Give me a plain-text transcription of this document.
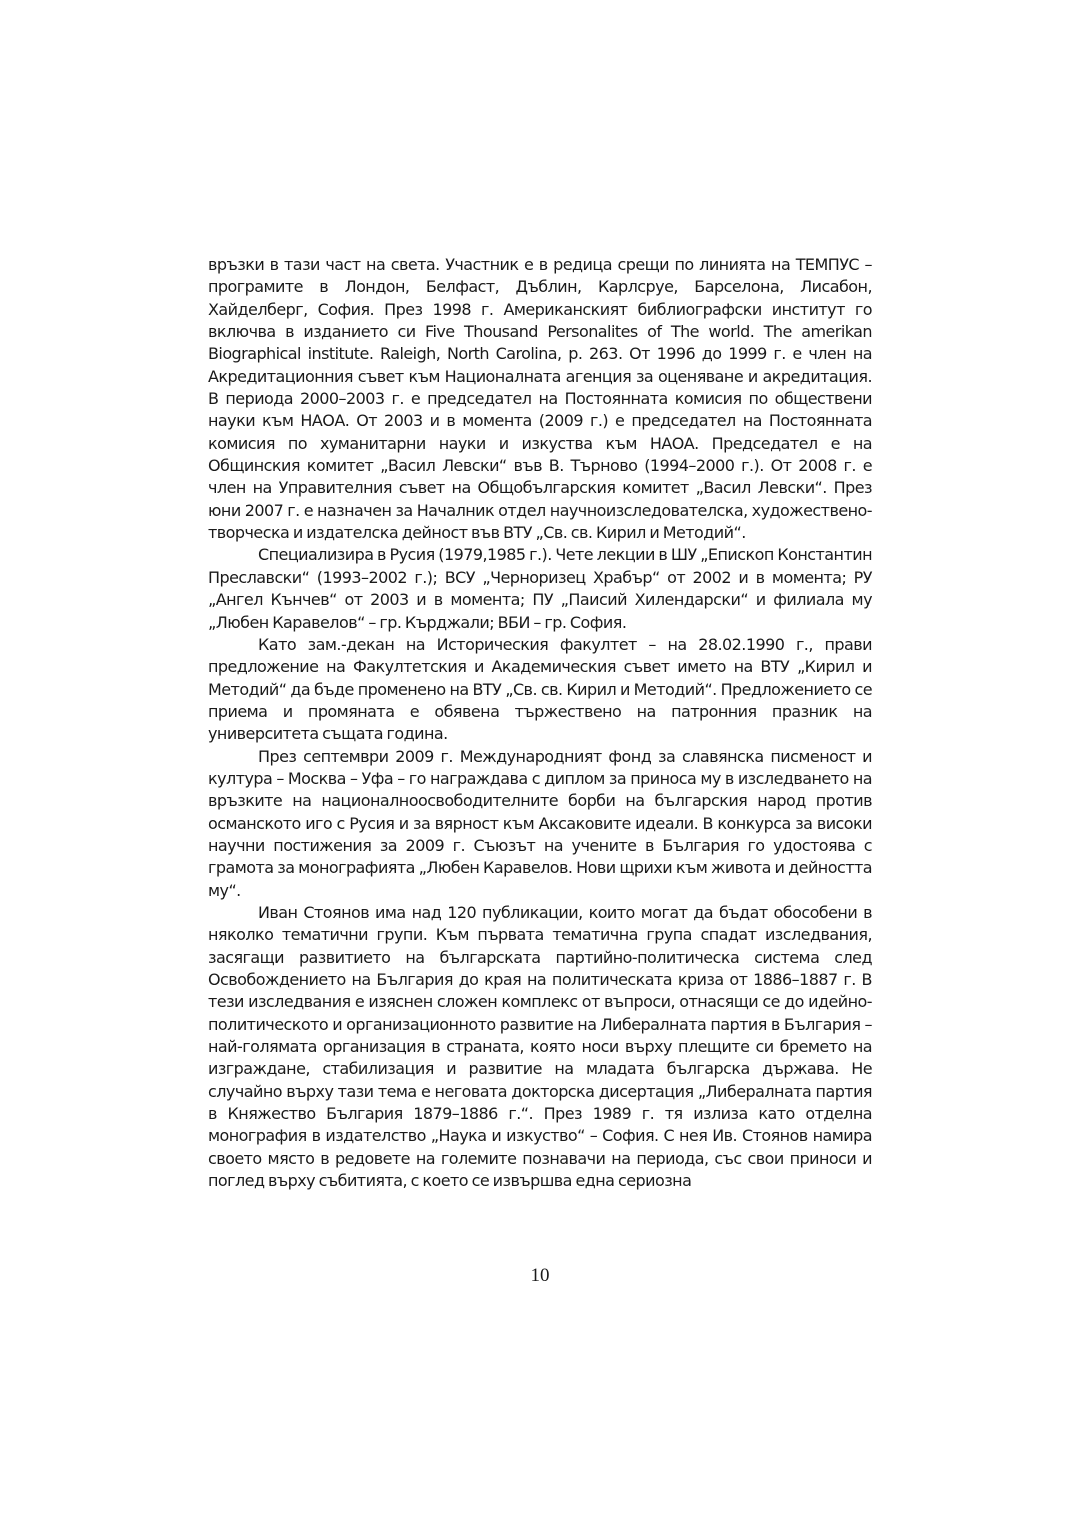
връзки в тази част на света. Участник е в редица срещи по линията на ТЕМПУС – програмите в Лондон, Белфаст, Дъблин, Карлсруе, Барселона, Лисабон, Хайделберг, София. През 1998 г. Американският библиографски институт го включва в изданието си Five Thousand Personalites of The world. The amerikan Biographical institute. Raleigh, North Carolina, p. 263. От 1996 до 1999 г. е член на Акредитационния съвет към Националната агенция за оценяване и акредитация. В периода 2000–2003 г. е председател на Постоянната комисия по обществени науки към НАОА. От 2003 и в момента (2009 г.) е председател на Постоянната комисия по хуманитарни науки и изкуства към НАОА. Председател е на Общинския комитет „Васил Левски“ във В. Търново (1994–2000 г.). От 2008 г. е член на Управителния съвет на Общобългарския комитет „Васил Левски“. През юни 2007 г. е назначен за Началник отдел научноизследователска, художествено-творческа и издателска дейност във ВТУ „Св. св. Кирил и Методий“.

Специализира в Русия (1979,1985 г.). Чете лекции в ШУ „Епископ Константин Преславски“ (1993–2002 г.); ВСУ „Черноризец Храбър“ от 2002 и в момента; РУ „Ангел Кънчев“ от 2003 и в момента; ПУ „Паисий Хилендарски“ и филиала му „Любен Каравелов“ – гр. Кърджали; ВБИ – гр. София.

Като зам.-декан на Историческия факултет – на 28.02.1990 г., прави предложение на Факултетския и Академическия съвет името на ВТУ „Кирил и Методий“ да бъде променено на ВТУ „Св. св. Кирил и Методий“. Предложението се приема и промяната е обявена тържествено на патронния празник на университета същата година.

През септември 2009 г. Международният фонд за славянска писменост и култура – Москва – Уфа – го награждава с диплом за приноса му в изследването на връзките на националноосвободителните борби на българския народ против османското иго с Русия и за вярност към Аксаковите идеали. В конкурса за високи научни постижения за 2009 г. Съюзът на учените в България го удостоява с грамота за монографията „Любен Каравелов. Нови щрихи към живота и дейността му“.

Иван Стоянов има над 120 публикации, които могат да бъдат обособени в няколко тематични групи. Към първата тематична група спадат изследвания, засягащи развитието на българската партийно-политическа система след Освобождението на България до края на политическата криза от 1886–1887 г. В тези изследвания е изяснен сложен комплекс от въпроси, отнасящи се до идейно-политическото и организационното развитие на Либералната партия в България – най-голямата организация в страната, която носи върху плещите си бремето на изграждане, стабилизация и развитие на младата българска държава. Не случайно върху тази тема е неговата докторска дисертация „Либералната партия в Княжество България 1879–1886 г.“. През 1989 г. тя излиза като отделна монография в издателство „Наука и изкуство“ – София. С нея Ив. Стоянов намира своето място в редовете на големите познавачи на периода, със свои приноси и поглед върху събитията, с което се извършва една сериозна

10
